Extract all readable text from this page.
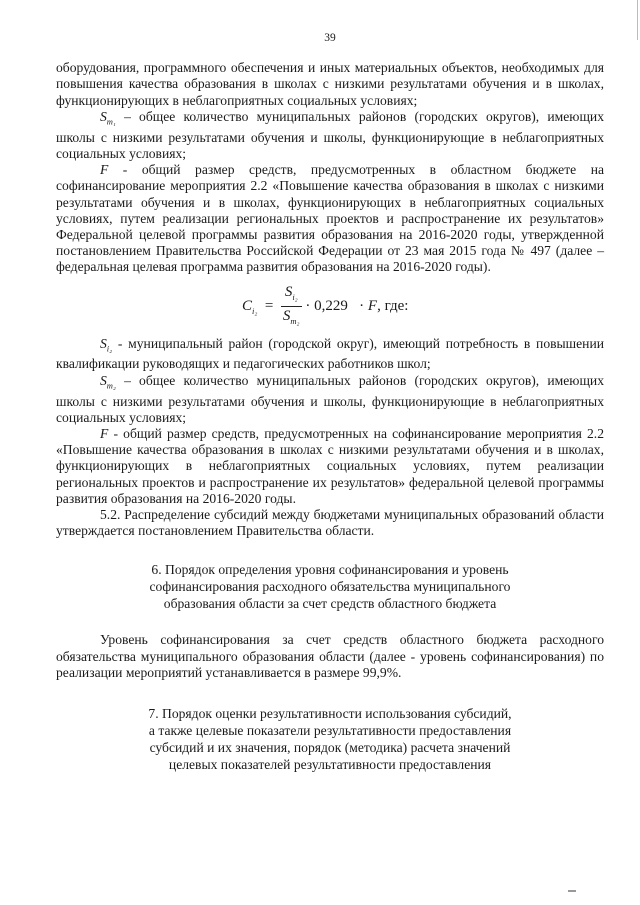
39

оборудования, программного обеспечения и иных материальных объектов, необходимых для повышения качества образования в школах с низкими результатами обучения и в школах, функционирующих в неблагоприятных социальных условиях;

$S_{m_1}$ – общее количество муниципальных районов (городских округов), имеющих школы с низкими результатами обучения и школы, функционирующие в неблагоприятных социальных условиях;

F - общий размер средств, предусмотренных в областном бюджете на софинансирование мероприятия 2.2 «Повышение качества образования в школах с низкими результатами обучения и в школах, функционирующих в неблагоприятных социальных условиях, путем реализации региональных проектов и распространение их результатов» Федеральной целевой программы развития образования на 2016-2020 годы, утвержденной постановлением Правительства Российской Федерации от 23 мая 2015 года № 497 (далее – федеральная целевая программа развития образования на 2016-2020 годы).

$C_{i_2} = \frac{S_{i_2}}{S_{m_2}} \cdot 0,229 \cdot F$, где:

$S_{i_2}$ - муниципальный район (городской округ), имеющий потребность в повышении квалификации руководящих и педагогических работников школ;

$S_{m_2}$ – общее количество муниципальных районов (городских округов), имеющих школы с низкими результатами обучения и школы, функционирующие в неблагоприятных социальных условиях;

F - общий размер средств, предусмотренных на софинансирование мероприятия 2.2 «Повышение качества образования в школах с низкими результатами обучения и в школах, функционирующих в неблагоприятных социальных условиях, путем реализации региональных проектов и распространение их результатов» федеральной целевой программы развития образования на 2016-2020 годы.

5.2. Распределение субсидий между бюджетами муниципальных образований области утверждается постановлением Правительства области.

6. Порядок определения уровня софинансирования и уровень
софинансирования расходного обязательства муниципального
образования области за счет средств областного бюджета

Уровень софинансирования за счет средств областного бюджета расходного обязательства муниципального образования области (далее - уровень софинансирования) по реализации мероприятий устанавливается в размере 99,9%.

7. Порядок оценки результативности использования субсидий,
а также целевые показатели результативности предоставления
субсидий и их значения, порядок (методика) расчета значений
целевых показателей результативности предоставления
